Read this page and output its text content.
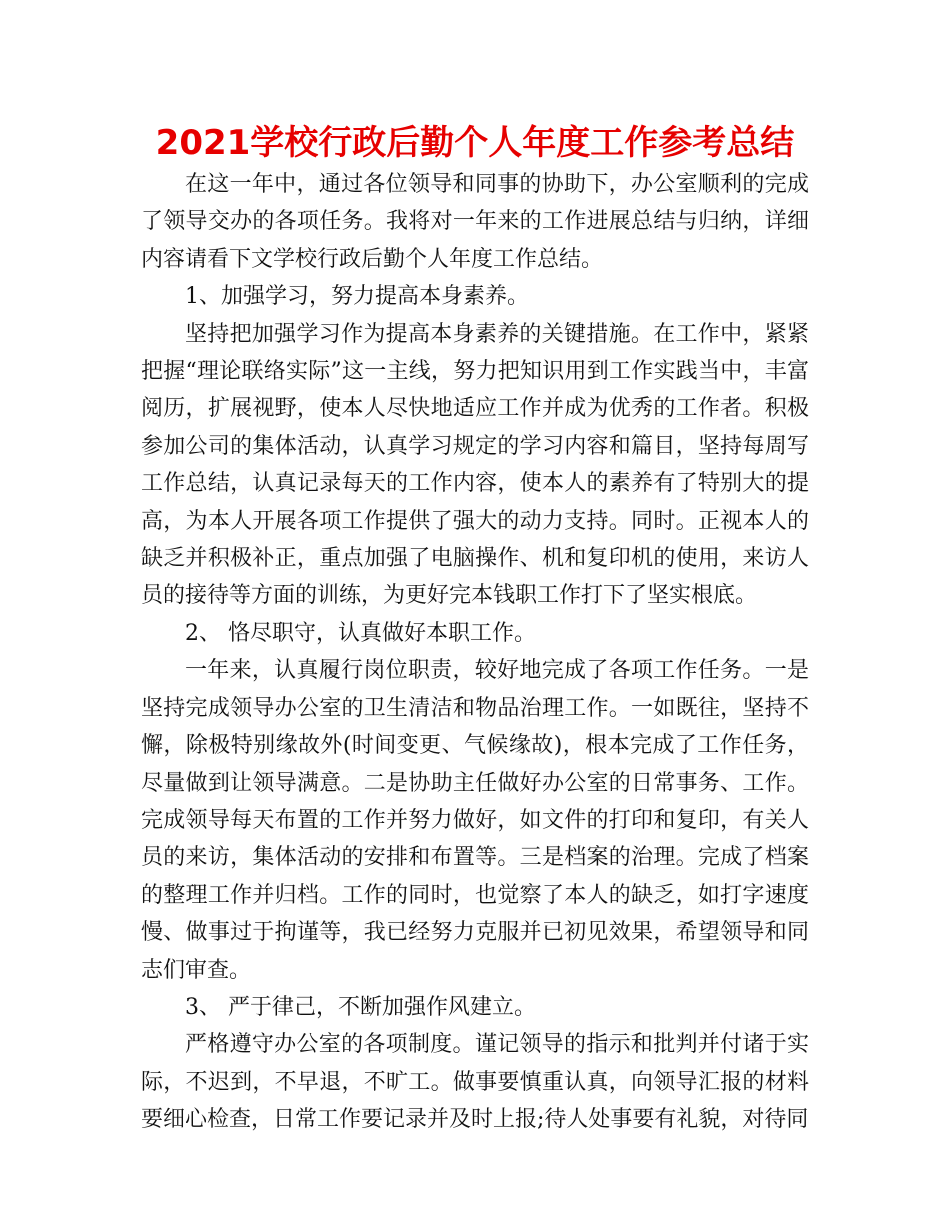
2021学校行政后勤个人年度工作参考总结

在这一年中，通过各位领导和同事的协助下，办公室顺利的完成了领导交办的各项任务。我将对一年来的工作进展总结与归纳，详细内容请看下文学校行政后勤个人年度工作总结。

1、加强学习，努力提高本身素养。

坚持把加强学习作为提高本身素养的关键措施。在工作中，紧紧把握“理论联络实际”这一主线，努力把知识用到工作实践当中，丰富阅历，扩展视野，使本人尽快地适应工作并成为优秀的工作者。积极参加公司的集体活动，认真学习规定的学习内容和篇目，坚持每周写工作总结，认真记录每天的工作内容，使本人的素养有了特别大的提高，为本人开展各项工作提供了强大的动力支持。同时。正视本人的缺乏并积极补正，重点加强了电脑操作、机和复印机的使用，来访人员的接待等方面的训练，为更好完本钱职工作打下了坚实根底。

2、 恪尽职守，认真做好本职工作。

一年来，认真履行岗位职责，较好地完成了各项工作任务。一是坚持完成领导办公室的卫生清洁和物品治理工作。一如既往，坚持不懈，除极特别缘故外(时间变更、气候缘故)，根本完成了工作任务，尽量做到让领导满意。二是协助主任做好办公室的日常事务、工作。完成领导每天布置的工作并努力做好，如文件的打印和复印，有关人员的来访，集体活动的安排和布置等。三是档案的治理。完成了档案的整理工作并归档。工作的同时，也觉察了本人的缺乏，如打字速度慢、做事过于拘谨等，我已经努力克服并已初见效果，希望领导和同志们审查。

3、 严于律己，不断加强作风建立。

严格遵守办公室的各项制度。谨记领导的指示和批判并付诸于实际，不迟到，不早退，不旷工。做事要慎重认真，向领导汇报的材料要细心检查，日常工作要记录并及时上报;待人处事要有礼貌，对待同
